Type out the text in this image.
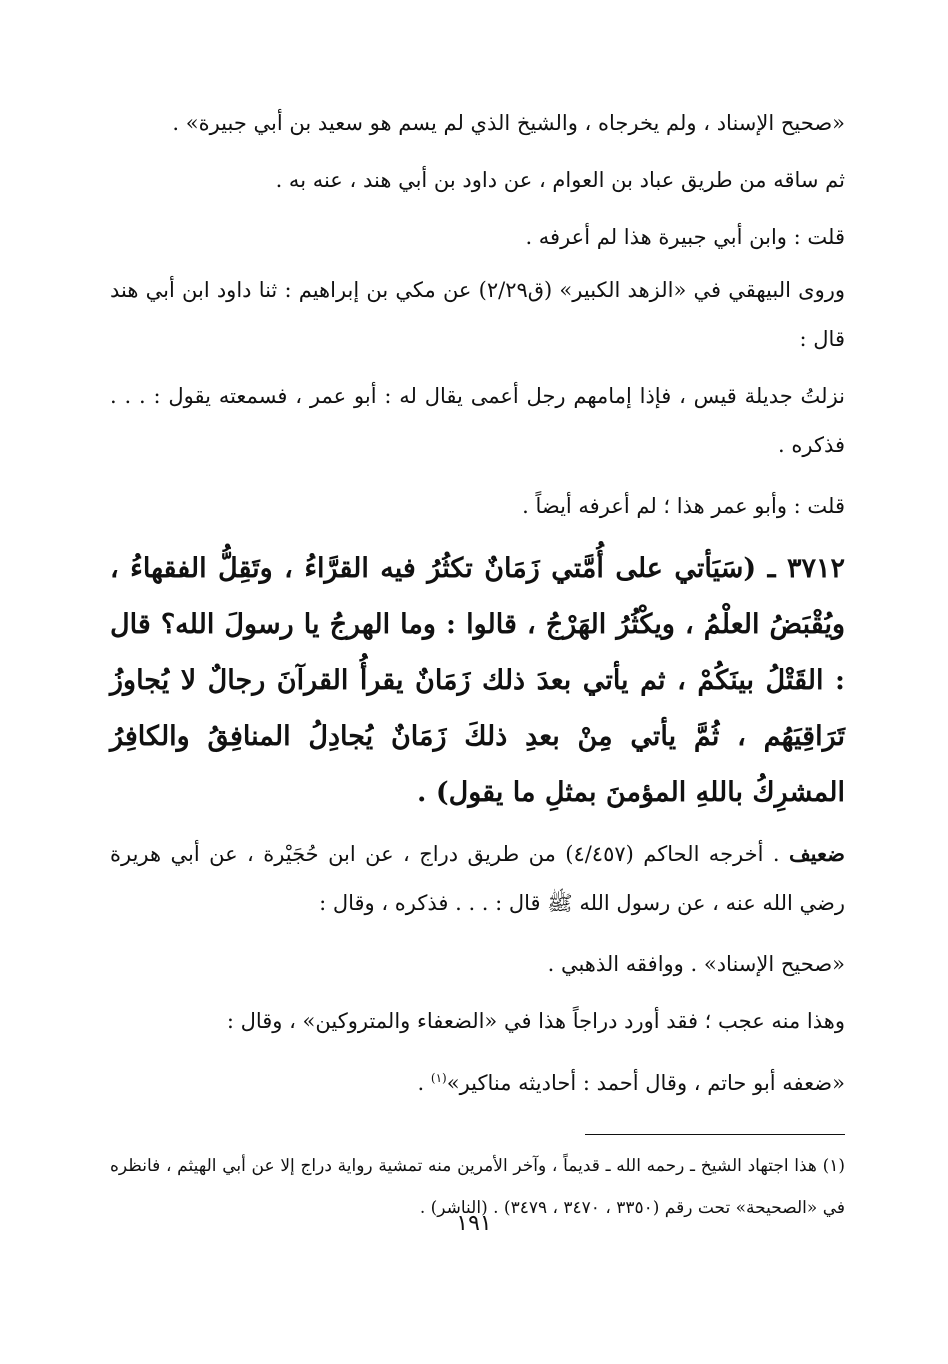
«صحيح الإسناد ، ولم يخرجاه ، والشيخ الذي لم يسم هو سعيد بن أبي جبيرة» .

ثم ساقه من طريق عباد بن العوام ، عن داود بن أبي هند ، عنه به .

قلت : وابن أبي جبيرة هذا لم أعرفه .

وروى البيهقي في «الزهد الكبير» (ق٢/٢٩) عن مكي بن إبراهيم : ثنا داود ابن أبي هند قال :

نزلتُ جديلة قيس ، فإذا إمامهم رجل أعمى يقال له : أبو عمر ، فسمعته يقول : . . . فذكره .

قلت : وأبو عمر هذا ؛ لم أعرفه أيضاً .

٣٧١٢ ـ (سَيَأتي على أُمَّتي زَمَانٌ تكثُرُ فيه القرَّاءُ ، وتَقِلُّ الفقهاءُ ، ويُقْبَضُ العلْمُ ، ويكْثُرُ الهَرْجُ ، قالوا : وما الهرجُ يا رسولَ الله؟ قال : القَتْلُ بينَكُمْ ، ثم يأتي بعدَ ذلك زَمَانٌ يقرأُ القرآنَ رجالٌ لا يُجاوزُ تَرَاقِيَهُم ، ثُمَّ يأتي مِنْ بعدِ ذلكَ زَمَانٌ يُجادِلُ المنافِقُ والكافِرُ المشرِكُ باللهِ المؤمنَ بمثلِ ما يقول) .

ضعيف . أخرجه الحاكم (٤/٤٥٧) من طريق دراج ، عن ابن حُجَيْرة ، عن أبي هريرة رضي الله عنه ، عن رسول الله ﷺ قال : . . . فذكره ، وقال :

«صحيح الإسناد» . ووافقه الذهبي .

وهذا منه عجب ؛ فقد أورد دراجاً هذا في «الضعفاء والمتروكين» ، وقال :

«ضعفه أبو حاتم ، وقال أحمد : أحاديثه مناكير»$^{(١)}$ .

(١) هذا اجتهاد الشيخ ـ رحمه الله ـ قديماً ، وآخر الأمرين منه تمشية رواية دراج إلا عن أبي الهيثم ، فانظره في «الصحيحة» تحت رقم (٣٣٥٠ ، ٣٤٧٠ ، ٣٤٧٩) . (الناشر) .

١٩١
